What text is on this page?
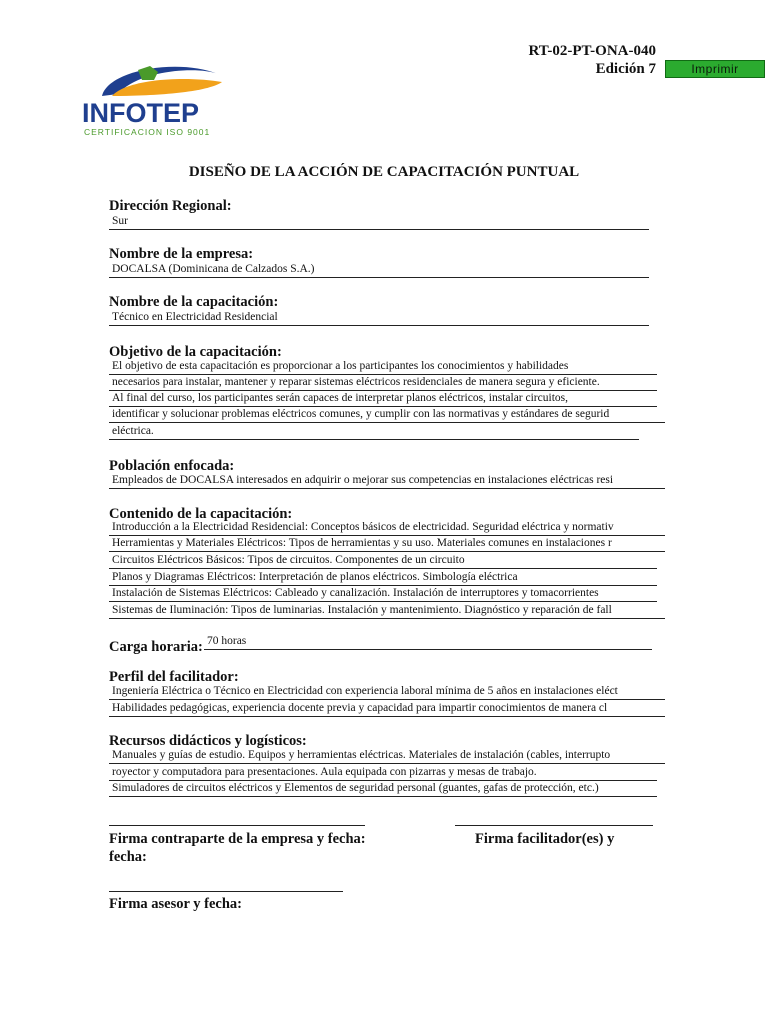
RT-02-PT-ONA-040
Edición 7	Imprimir
INFOTEP
CERTIFICACION ISO 9001
DISEÑO DE LA ACCIÓN DE CAPACITACIÓN PUNTUAL
Dirección Regional:
Sur
Nombre de la empresa:
DOCALSA (Dominicana de Calzados S.A.)
Nombre de la capacitación:
Técnico en Electricidad Residencial
Objetivo de la capacitación:
El objetivo de esta capacitación es proporcionar a los participantes los conocimientos y habilidades
necesarios para instalar, mantener y reparar sistemas eléctricos residenciales de manera segura y eficiente.
Al final del curso, los participantes serán capaces de interpretar planos eléctricos, instalar circuitos,
identificar y solucionar problemas eléctricos comunes, y cumplir con las normativas y estándares de segurid
eléctrica.
Población enfocada:
Empleados de DOCALSA interesados en adquirir o mejorar sus competencias en instalaciones eléctricas resi
Contenido de la capacitación:
Introducción a la Electricidad Residencial: Conceptos básicos de electricidad. Seguridad eléctrica y normativ
Herramientas y Materiales Eléctricos: Tipos de herramientas y su uso. Materiales comunes en instalaciones r
Circuitos Eléctricos Básicos: Tipos de circuitos. Componentes de un circuito
Planos y Diagramas Eléctricos: Interpretación de planos eléctricos. Simbología eléctrica
Instalación de Sistemas Eléctricos: Cableado y canalización. Instalación de interruptores y tomacorrientes
Sistemas de Iluminación: Tipos de luminarias. Instalación y mantenimiento. Diagnóstico y reparación de fall
Carga horaria: 70 horas
Perfil del facilitador:
Ingeniería Eléctrica o Técnico en Electricidad con experiencia laboral mínima de 5 años en instalaciones eléct
Habilidades pedagógicas, experiencia docente previa y capacidad para impartir conocimientos de manera cl
Recursos didácticos y logísticos:
Manuales y guías de estudio. Equipos y herramientas eléctricas. Materiales de instalación (cables, interrupto
royector y computadora para presentaciones. Aula equipada con pizarras y mesas de trabajo.
Simuladores de circuitos eléctricos y Elementos de seguridad personal (guantes, gafas de protección, etc.)
Firma contraparte de la empresa y fecha:
fecha:
Firma facilitador(es) y
Firma asesor y fecha:
